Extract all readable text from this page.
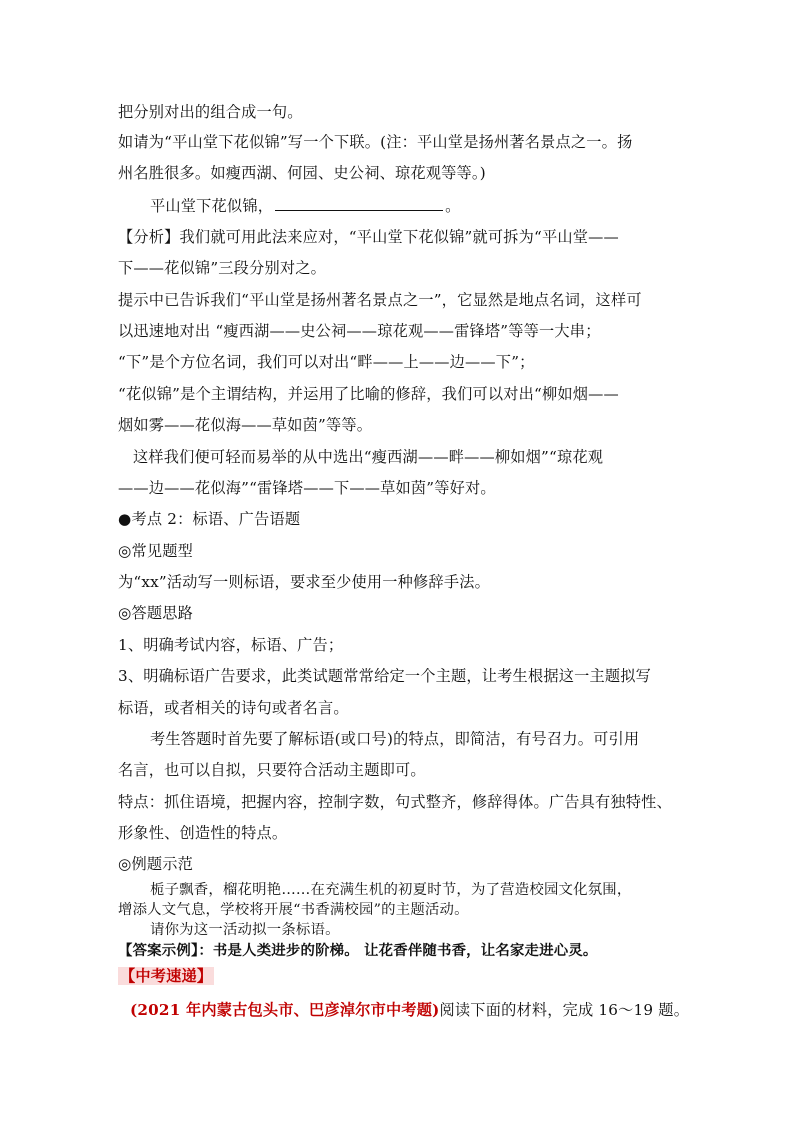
把分别对出的组合成一句。
如请为“平山堂下花似锦”写一个下联。(注：平山堂是扬州著名景点之一。扬
州名胜很多。如瘦西湖、何园、史公祠、琼花观等等。)
平山堂下花似锦，	。
【分析】我们就可用此法来应对，“平山堂下花似锦”就可拆为“平山堂——
下——花似锦”三段分别对之。
提示中已告诉我们“平山堂是扬州著名景点之一”，它显然是地点名词，这样可
以迅速地对出 “瘦西湖——史公祠——琼花观——雷锋塔”等等一大串；
“下”是个方位名词，我们可以对出“畔——上——边——下”；
“花似锦”是个主谓结构，并运用了比喻的修辞，我们可以对出“柳如烟——
烟如雾——花似海——草如茵”等等。
这样我们便可轻而易举的从中选出“瘦西湖——畔——柳如烟”“琼花观
——边——花似海”“雷锋塔——下——草如茵”等好对。
●考点 2：标语、广告语题
◎常见题型
为“xx”活动写一则标语，要求至少使用一种修辞手法。
◎答题思路
1、明确考试内容，标语、广告；
3、明确标语广告要求，此类试题常常给定一个主题，让考生根据这一主题拟写
标语，或者相关的诗句或者名言。
考生答题时首先要了解标语(或口号)的特点，即简洁，有号召力。可引用
名言，也可以自拟，只要符合活动主题即可。
特点：抓住语境，把握内容，控制字数，句式整齐，修辞得体。广告具有独特性、
形象性、创造性的特点。
◎例题示范
栀子飘香，榴花明艳……在充满生机的初夏时节，为了营造校园文化氛围，
增添人文气息，学校将开展“书香满校园”的主题活动。
请你为这一活动拟一条标语。
【答案示例】：书是人类进步的阶梯。 让花香伴随书香，让名家走进心灵。
【中考速递】
(2021 年内蒙古包头市、巴彦淖尔市中考题)阅读下面的材料，完成 16～19 题。
